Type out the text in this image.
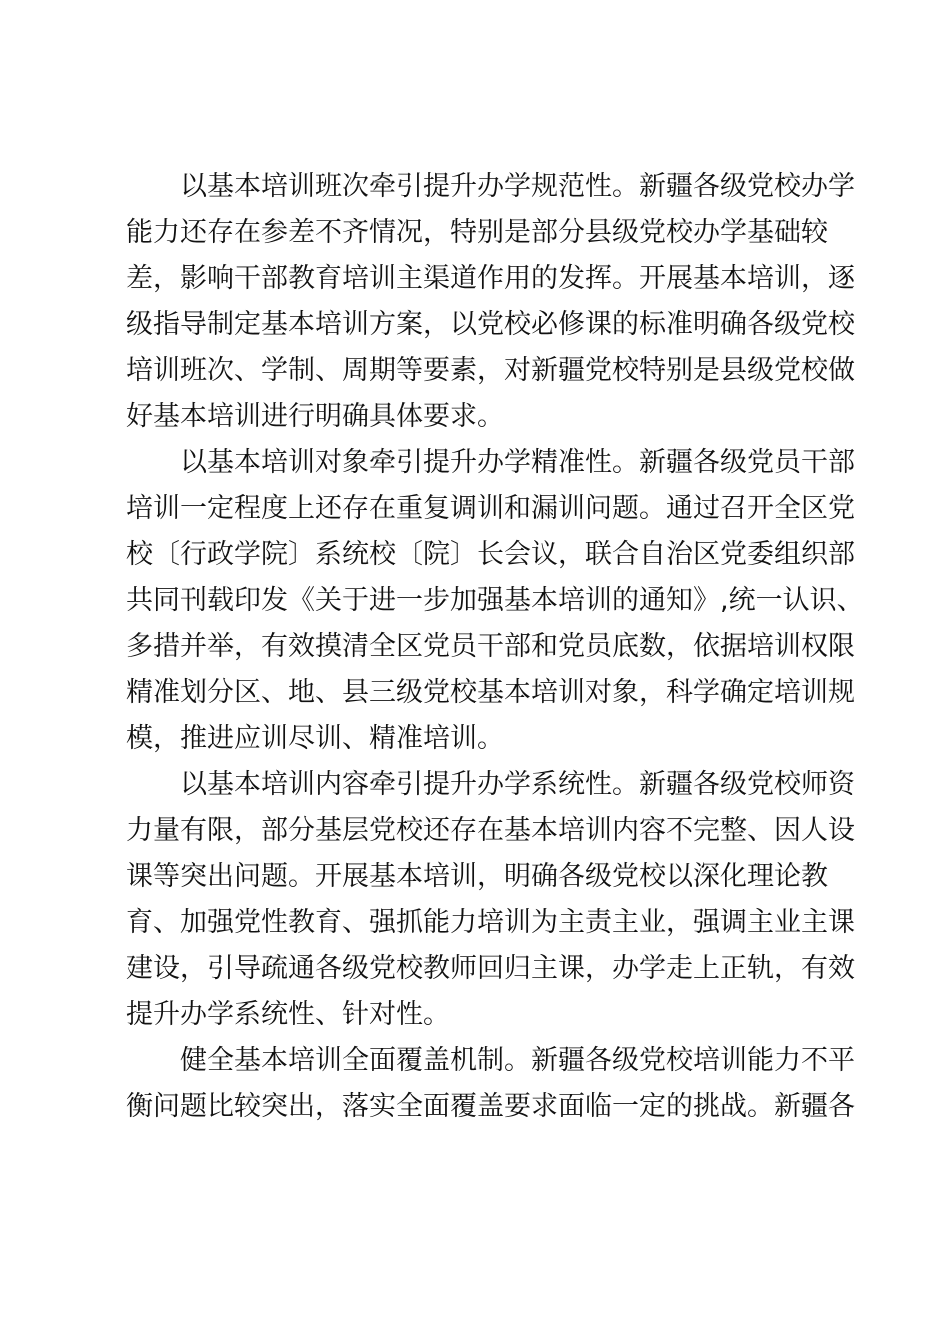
以基本培训班次牵引提升办学规范性。新疆各级党校办学
能力还存在参差不齐情况，特别是部分县级党校办学基础较
差，影响干部教育培训主渠道作用的发挥。开展基本培训，逐
级指导制定基本培训方案，以党校必修课的标准明确各级党校
培训班次、学制、周期等要素，对新疆党校特别是县级党校做
好基本培训进行明确具体要求。

以基本培训对象牵引提升办学精准性。新疆各级党员干部
培训一定程度上还存在重复调训和漏训问题。通过召开全区党
校〔行政学院〕系统校〔院〕长会议，联合自治区党委组织部
共同刊载印发《关于进一步加强基本培训的通知》,统一认识、
多措并举，有效摸清全区党员干部和党员底数，依据培训权限
精准划分区、地、县三级党校基本培训对象，科学确定培训规
模，推进应训尽训、精准培训。

以基本培训内容牵引提升办学系统性。新疆各级党校师资
力量有限，部分基层党校还存在基本培训内容不完整、因人设
课等突出问题。开展基本培训，明确各级党校以深化理论教
育、加强党性教育、强抓能力培训为主责主业，强调主业主课
建设，引导疏通各级党校教师回归主课，办学走上正轨，有效
提升办学系统性、针对性。

健全基本培训全面覆盖机制。新疆各级党校培训能力不平
衡问题比较突出，落实全面覆盖要求面临一定的挑战。新疆各
